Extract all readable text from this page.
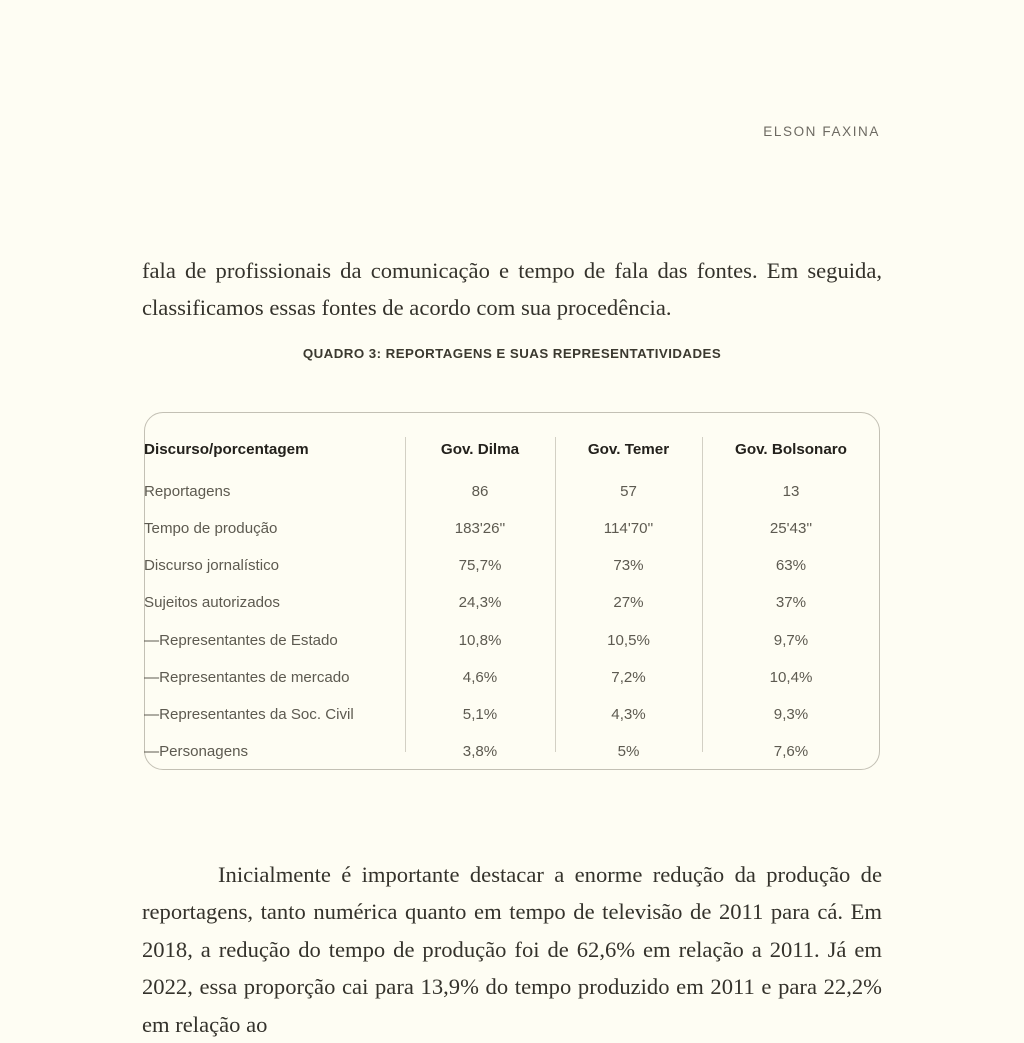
ELSON FAXINA

fala de profissionais da comunicação e tempo de fala das fontes. Em seguida, classificamos essas fontes de acordo com sua procedência.

QUADRO 3: REPORTAGENS E SUAS REPRESENTATIVIDADES
Discurso/porcentagem	Gov. Dilma	Gov. Temer	Gov. Bolsonaro
Reportagens	86	57	13
Tempo de produção	183'26''	114'70''	25'43''
Discurso jornalístico	75,7%	73%	63%
Sujeitos autorizados	24,3%	27%	37%
—Representantes de Estado	10,8%	10,5%	9,7%
—Representantes de mercado	4,6%	7,2%	10,4%
—Representantes da Soc. Civil	5,1%	4,3%	9,3%
—Personagens	3,8%	5%	7,6%

Inicialmente é importante destacar a enorme redução da produção de reportagens, tanto numérica quanto em tempo de televisão de 2011 para cá. Em 2018, a redução do tempo de produção foi de 62,6% em relação a 2011. Já em 2022, essa proporção cai para 13,9% do tempo produzido em 2011 e para 22,2% em relação ao
